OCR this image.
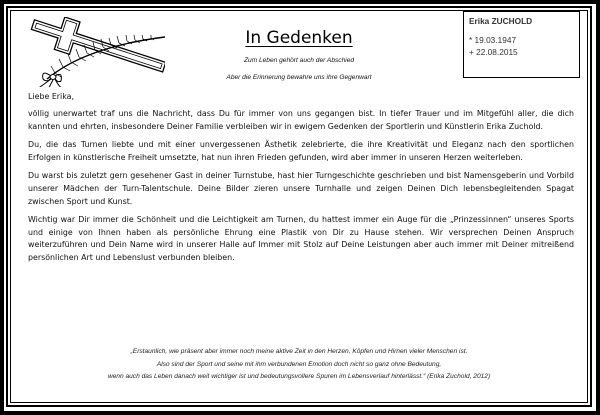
In Gedenken
Zum Leben gehört auch der Abschied
Aber die Erinnerung bewahre uns ihre Gegenwart
Erika ZUCHOLD
* 19.03.1947
+ 22.08.2015

Liebe Erika,

völlig unerwartet traf uns die Nachricht, dass Du für immer von uns gegangen bist. In tiefer Trauer und im Mitgefühl aller, die dich kannten und ehrten, insbesondere Deiner Familie verbleiben wir in ewigem Gedenken der Sportlerin und Künstlerin Erika Zuchold.

Du, die das Turnen liebte und mit einer unvergessenen Ästhetik zelebrierte, die ihre Kreativität und Eleganz nach den sportlichen Erfolgen in künstlerische Freiheit umsetzte, hat nun ihren Frieden gefunden, wird aber immer in unseren Herzen weiterleben.

Du warst bis zuletzt gern gesehener Gast in deiner Turnstube, hast hier Turngeschichte geschrieben und bist Namensgeberin und Vorbild unserer Mädchen der Turn-Talentschule. Deine Bilder zieren unsere Turnhalle und zeigen Deinen Dich lebensbegleitenden Spagat zwischen Sport und Kunst.

Wichtig war Dir immer die Schönheit und die Leichtigkeit am Turnen, du hattest immer ein Auge für die „Prinzessinnen“ unseres Sports und einige von Ihnen haben als persönliche Ehrung eine Plastik von Dir zu Hause stehen. Wir versprechen Deinen Anspruch weiterzuführen und Dein Name wird in unserer Halle auf Immer mit Stolz auf Deine Leistungen aber auch immer mit Deiner mitreißend persönlichen Art und Lebenslust verbunden bleiben.

„Erstaunlich, wie präsent aber immer noch meine aktive Zeit in den Herzen, Köpfen und Hirnen vieler Menschen ist.
Also sind der Sport und seine mit ihm verbundenen Emotion doch nicht so ganz ohne Bedeutung,
wenn auch das Leben danach weit wichtiger ist und bedeutungsvollere Spuren im Lebensverlauf hinterlässt.“ (Erika Zuchold, 2012)
